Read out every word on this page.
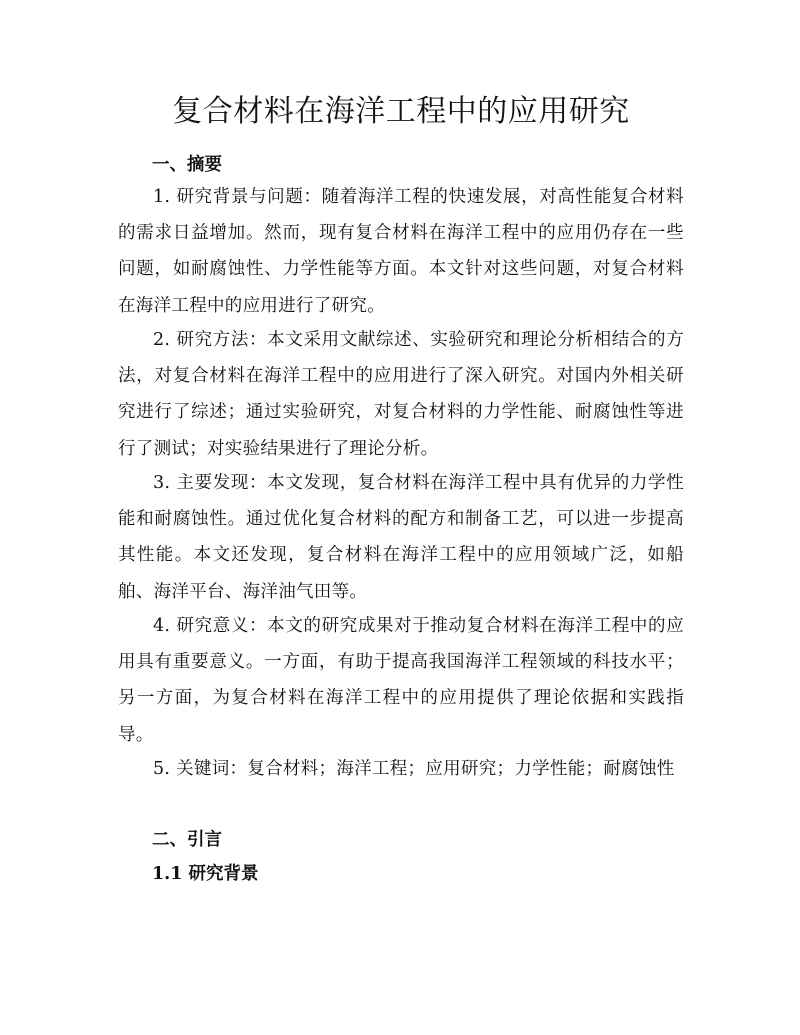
复合材料在海洋工程中的应用研究
一、摘要

1. 研究背景与问题：随着海洋工程的快速发展，对高性能复合材料的需求日益增加。然而，现有复合材料在海洋工程中的应用仍存在一些问题，如耐腐蚀性、力学性能等方面。本文针对这些问题，对复合材料在海洋工程中的应用进行了研究。

2. 研究方法：本文采用文献综述、实验研究和理论分析相结合的方法，对复合材料在海洋工程中的应用进行了深入研究。对国内外相关研究进行了综述；通过实验研究，对复合材料的力学性能、耐腐蚀性等进行了测试；对实验结果进行了理论分析。

3. 主要发现：本文发现，复合材料在海洋工程中具有优异的力学性能和耐腐蚀性。通过优化复合材料的配方和制备工艺，可以进一步提高其性能。本文还发现，复合材料在海洋工程中的应用领域广泛，如船舶、海洋平台、海洋油气田等。

4. 研究意义：本文的研究成果对于推动复合材料在海洋工程中的应用具有重要意义。一方面，有助于提高我国海洋工程领域的科技水平；另一方面，为复合材料在海洋工程中的应用提供了理论依据和实践指导。

5. 关键词：复合材料；海洋工程；应用研究；力学性能；耐腐蚀性

二、引言
1.1 研究背景
